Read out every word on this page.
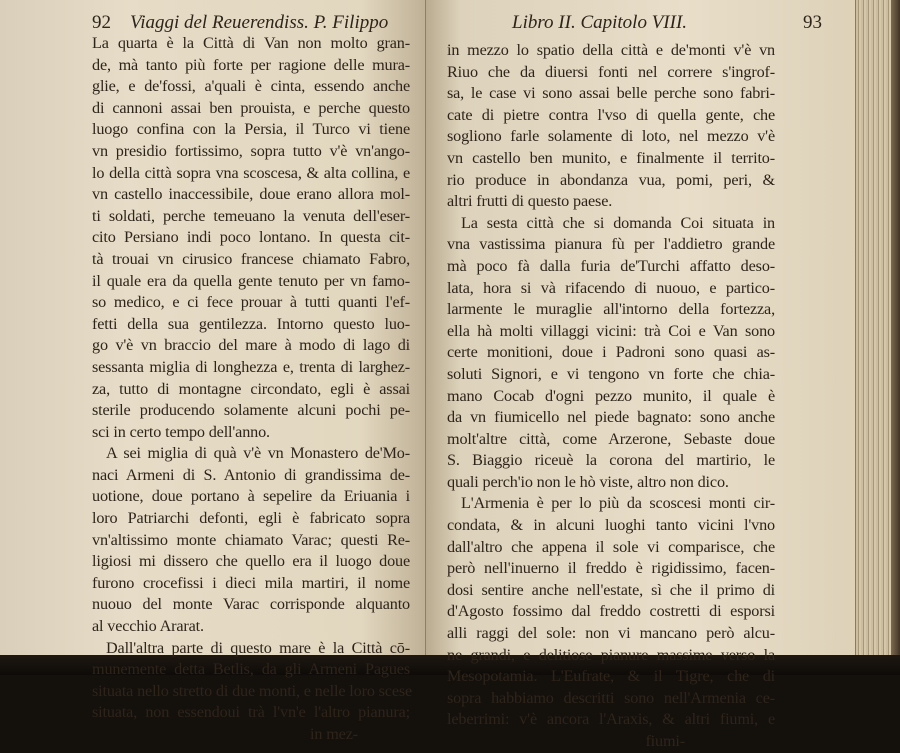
92 Viaggi del Reuerendiss. P. Filippo
La quarta è la Città di Van non molto gran-
de, mà tanto più forte per ragione delle mura-
glie, e de'fossi, a'quali è cinta, essendo anche
di cannoni assai ben prouista, e perche questo
luogo confina con la Persia, il Turco vi tiene
vn presidio fortissimo, sopra tutto v'è vn'ango-
lo della città sopra vna scoscesa, & alta collina, e
vn castello inaccessibile, doue erano allora mol-
ti soldati, perche temeuano la venuta dell'eser-
cito Persiano indi poco lontano. In questa cit-
tà trouai vn cirusico francese chiamato Fabro,
il quale era da quella gente tenuto per vn famo-
so medico, e ci fece prouar à tutti quanti l'ef-
fetti della sua gentilezza. Intorno questo luo-
go v'è vn braccio del mare à modo di lago di
sessanta miglia di longhezza e, trenta di larghez-
za, tutto di montagne circondato, egli è assai
sterile producendo solamente alcuni pochi pe-
sci in certo tempo dell'anno.
A sei miglia di quà v'è vn Monastero de'Mo-
naci Armeni di S. Antonio di grandissima de-
uotione, doue portano à sepelire da Eriuania i
loro Patriarchi defonti, egli è fabricato sopra
vn'altissimo monte chiamato Varac; questi Re-
ligiosi mi dissero che quello era il luogo doue
furono crocefissi i dieci mila martiri, il nome
nuouo del monte Varac corrisponde alquanto
al vecchio Ararat.
Dall'altra parte di questo mare è la Città cō-
munemente detta Betlis, da gli Armeni Pagues
situata nello stretto di due monti, e nelle loro scese
situata, non essendoui trà l'vn'e l'altro pianura;
in mez-
Libro II. Capitolo VIII.	93
in mezzo lo spatio della città e de'monti v'è vn
Riuo che da diuersi fonti nel correre s'ingrof-
sa, le case vi sono assai belle perche sono fabri-
cate di pietre contra l'vso di quella gente, che
sogliono farle solamente di loto, nel mezzo v'è
vn castello ben munito, e finalmente il territo-
rio produce in abondanza vua, pomi, peri, &
altri frutti di questo paese.
La sesta città che si domanda Coi situata in
vna vastissima pianura fù per l'addietro grande
mà poco fà dalla furia de'Turchi affatto deso-
lata, hora si và rifacendo di nuouo, e partico-
larmente le muraglie all'intorno della fortezza,
ella hà molti villaggi vicini: trà Coi e Van sono
certe monitioni, doue i Padroni sono quasi as-
soluti Signori, e vi tengono vn forte che chia-
mano Cocab d'ogni pezzo munito, il quale è
da vn fiumicello nel piede bagnato: sono anche
molt'altre città, come Arzerone, Sebaste doue
S. Biaggio riceuè la corona del martirio, le
quali perch'io non le hò viste, altro non dico.
L'Armenia è per lo più da scoscesi monti cir-
condata, & in alcuni luoghi tanto vicini l'vno
dall'altro che appena il sole vi comparisce, che
però nell'inuerno il freddo è rigidissimo, facen-
dosi sentire anche nell'estate, sì che il primo di
d'Agosto fossimo dal freddo costretti di esporsi
alli raggi del sole: non vi mancano però alcu-
ne grandi, e delitiose pianure massime verso la
Mesopotamia. L'Eufrate, & il Tigre, che di
sopra habbiamo descritti sono nell'Armenia ce-
leberrimi: v'è ancora l'Araxis, & altri fiumi, e
fiumi-
